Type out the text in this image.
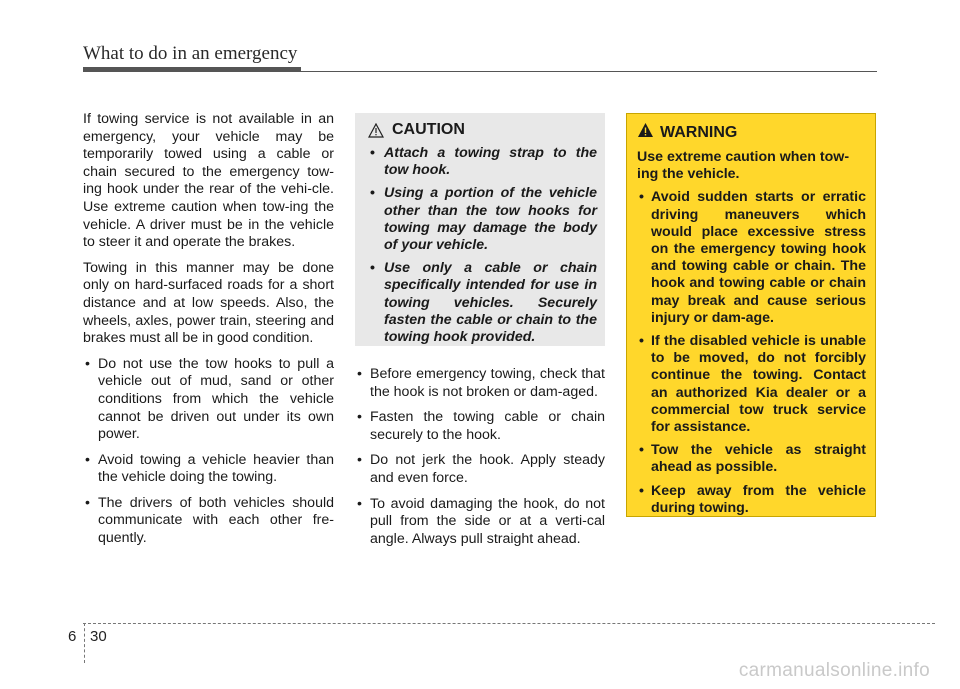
What to do in an emergency

If towing service is not available in an emergency, your vehicle may be temporarily towed using a cable or chain secured to the emergency tow-ing hook under the rear of the vehi-cle. Use extreme caution when tow-ing the vehicle. A driver must be in the vehicle to steer it and operate the brakes.

Towing in this manner may be done only on hard-surfaced roads for a short distance and at low speeds. Also, the wheels, axles, power train, steering and brakes must all be in good condition.

• Do not use the tow hooks to pull a vehicle out of mud, sand or other conditions from which the vehicle cannot be driven out under its own power.
• Avoid towing a vehicle heavier than the vehicle doing the towing.
• The drivers of both vehicles should communicate with each other fre-quently.
CAUTION
• Attach a towing strap to the tow hook.
• Using a portion of the vehicle other than the tow hooks for towing may damage the body of your vehicle.
• Use only a cable or chain specifically intended for use in towing vehicles. Securely fasten the cable or chain to the towing hook provided.
• Before emergency towing, check that the hook is not broken or dam-aged.
• Fasten the towing cable or chain securely to the hook.
• Do not jerk the hook. Apply steady and even force.
• To avoid damaging the hook, do not pull from the side or at a verti-cal angle. Always pull straight ahead.
WARNING

Use extreme caution when tow-ing the vehicle.

• Avoid sudden starts or erratic driving maneuvers which would place excessive stress on the emergency towing hook and towing cable or chain. The hook and towing cable or chain may break and cause serious injury or dam-age.
• If the disabled vehicle is unable to be moved, do not forcibly continue the towing. Contact an authorized Kia dealer or a commercial tow truck service for assistance.
• Tow the vehicle as straight ahead as possible.
• Keep away from the vehicle during towing.
6 30
carmanualsonline.info
